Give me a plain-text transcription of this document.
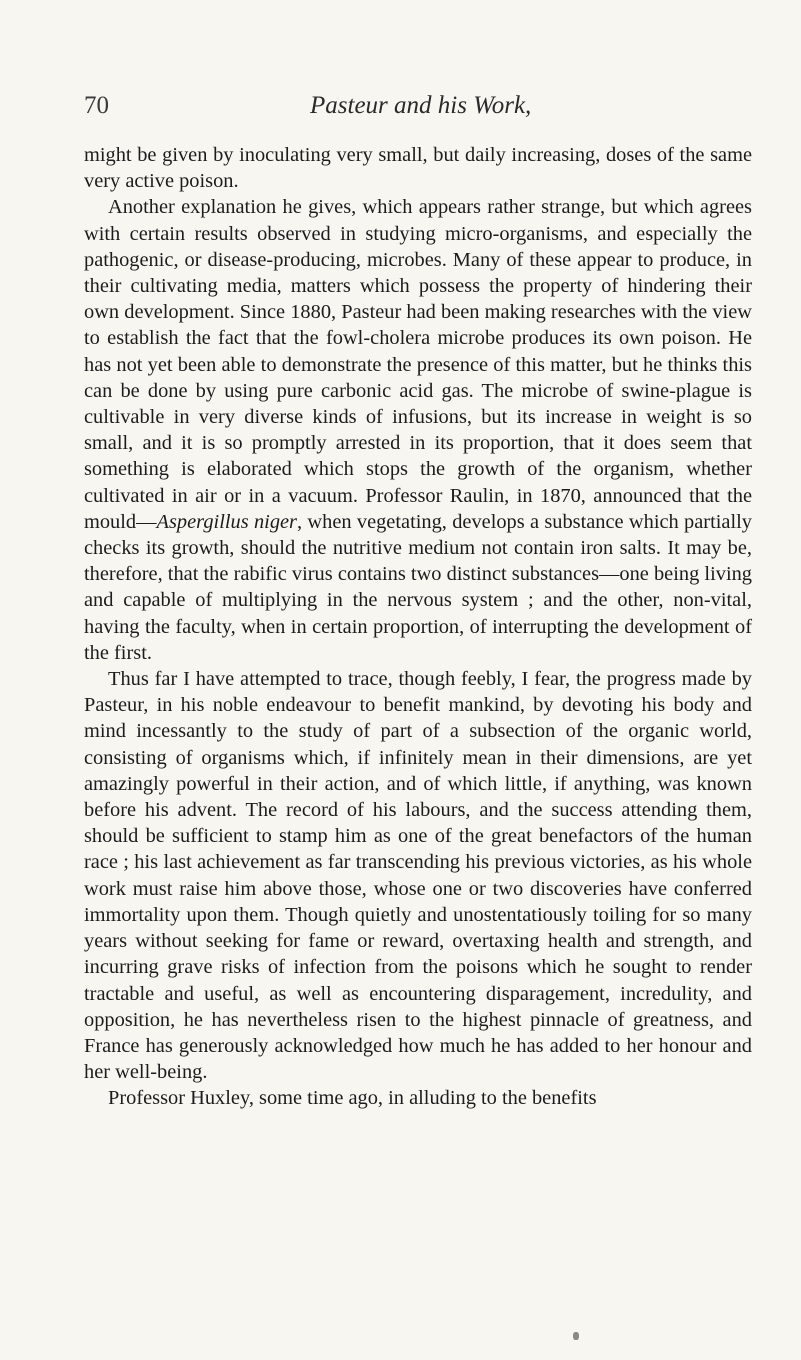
70	Pasteur and his Work,

might be given by inoculating very small, but daily increasing, doses of the same very active poison.

Another explanation he gives, which appears rather strange, but which agrees with certain results observed in studying micro-organisms, and especially the pathogenic, or disease-producing, microbes. Many of these appear to produce, in their cultivating media, matters which possess the property of hindering their own development. Since 1880, Pasteur had been making researches with the view to establish the fact that the fowl-cholera microbe produces its own poison. He has not yet been able to demonstrate the presence of this matter, but he thinks this can be done by using pure carbonic acid gas. The microbe of swine-plague is cultivable in very diverse kinds of infusions, but its increase in weight is so small, and it is so promptly arrested in its proportion, that it does seem that something is elaborated which stops the growth of the organism, whether cultivated in air or in a vacuum. Professor Raulin, in 1870, announced that the mould—Aspergillus niger, when vegetating, develops a substance which partially checks its growth, should the nutritive medium not contain iron salts. It may be, therefore, that the rabific virus contains two distinct substances—one being living and capable of multiplying in the nervous system ; and the other, non-vital, having the faculty, when in certain proportion, of interrupting the development of the first.

Thus far I have attempted to trace, though feebly, I fear, the progress made by Pasteur, in his noble endeavour to benefit mankind, by devoting his body and mind incessantly to the study of part of a subsection of the organic world, consisting of organisms which, if infinitely mean in their dimensions, are yet amazingly powerful in their action, and of which little, if anything, was known before his advent. The record of his labours, and the success attending them, should be sufficient to stamp him as one of the great benefactors of the human race ; his last achievement as far transcending his previous victories, as his whole work must raise him above those, whose one or two discoveries have conferred immortality upon them. Though quietly and unostentatiously toiling for so many years without seeking for fame or reward, overtaxing health and strength, and incurring grave risks of infection from the poisons which he sought to render tractable and useful, as well as encountering disparagement, incredulity, and opposition, he has nevertheless risen to the highest pinnacle of greatness, and France has generously acknowledged how much he has added to her honour and her well-being.

Professor Huxley, some time ago, in alluding to the benefits
